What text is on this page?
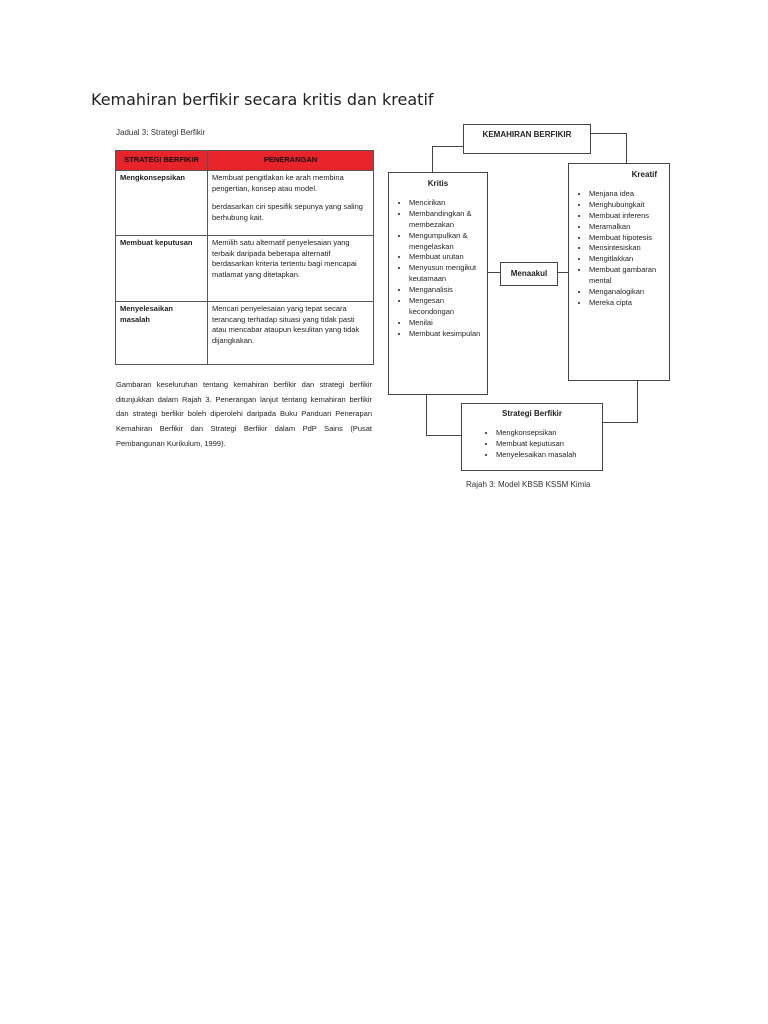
Kemahiran berfikir secara kritis dan kreatif
Jadual 3: Strategi Berfikir
STRATEGI BERFIKIR	PENERANGAN
Mengkonsepsikan	Membuat pengitlakan ke arah membina pengertian, konsep atau model.

berdasarkan ciri spesifik sepunya yang saling berhubung kait.

Membuat keputusan	Memilih satu alternatif penyelesaian yang terbaik daripada beberapa alternatif berdasarkan kriteria tertentu bagi mencapai matlamat yang ditetapkan.
Menyelesaikan masalah	Mencari penyelesaian yang tepat secara terancang terhadap situasi yang tidak pasti atau mencabar ataupun kesulitan yang tidak dijangkakan.

Gambaran keseluruhan tentang kemahiran berfikir dan strategi berfikir ditunjukkan dalam Rajah 3. Penerangan lanjut tentang kemahiran berfikir dan strategi berfikir boleh diperolehi daripada Buku Panduan Penerapan Kemahiran Berfikir dan Strategi Berfikir dalam PdP Sains (Pusat Pembangunan Kurikulum, 1999).

KEMAHIRAN BERFIKIR
Kritis
• Mencirikan
• Membandingkan & membezakan
• Mengumpulkan & mengelaskan
• Membuat urutan
• Menyusun mengikut keutamaan
• Menganalisis
• Mengesan kecondongan
• Menilai
• Membuat kesimpulan
Menaakul
Kreatif
• Menjana idea
• Menghubungkait
• Membuat inferens
• Meramalkan
• Membuat hipotesis
• Mensintesiskan
• Mengitlakkan
• Membuat gambaran mental
• Menganalogikan
• Mereka cipta
Strategi Berfikir
• Mengkonsepsikan
• Membuat keputusan
• Menyelesaikan masalah
Rajah 3: Model KBSB KSSM Kimia
